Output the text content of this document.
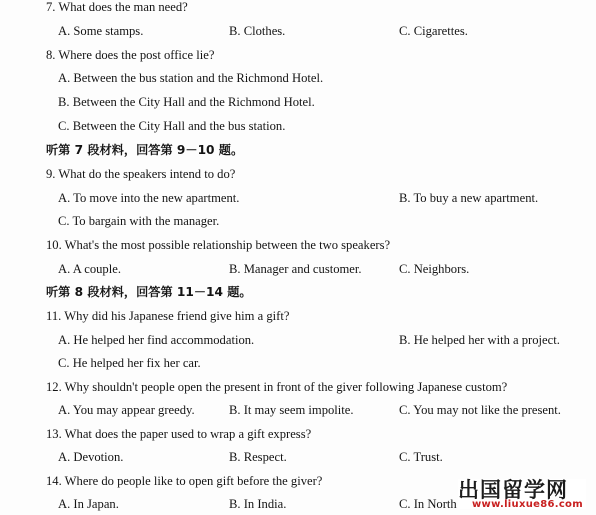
7. What does the man need?
A. Some stamps.	B. Clothes.	C. Cigarettes.
8. Where does the post office lie?
A. Between the bus station and the Richmond Hotel.
B. Between the City Hall and the Richmond Hotel.
C. Between the City Hall and the bus station.
听第 7 段材料，回答第 9－10 题。
9. What do the speakers intend to do?
A. To move into the new apartment.	B. To buy a new apartment.
C. To bargain with the manager.
10. What's the most possible relationship between the two speakers?
A. A couple.	B. Manager and customer.	C. Neighbors.
听第 8 段材料，回答第 11－14 题。
11. Why did his Japanese friend give him a gift?
A. He helped her find accommodation.	B. He helped her with a project.
C. He helped her fix her car.
12. Why shouldn't people open the present in front of the giver following Japanese custom?
A. You may appear greedy.	B. It may seem impolite.	C. You may not like the present.
13. What does the paper used to wrap a gift express?
A. Devotion.	B. Respect.	C. Trust.
14. Where do people like to open gift before the giver?
A. In Japan.	B. In India.	C. In North
出国留学网
www.liuxue86.com
